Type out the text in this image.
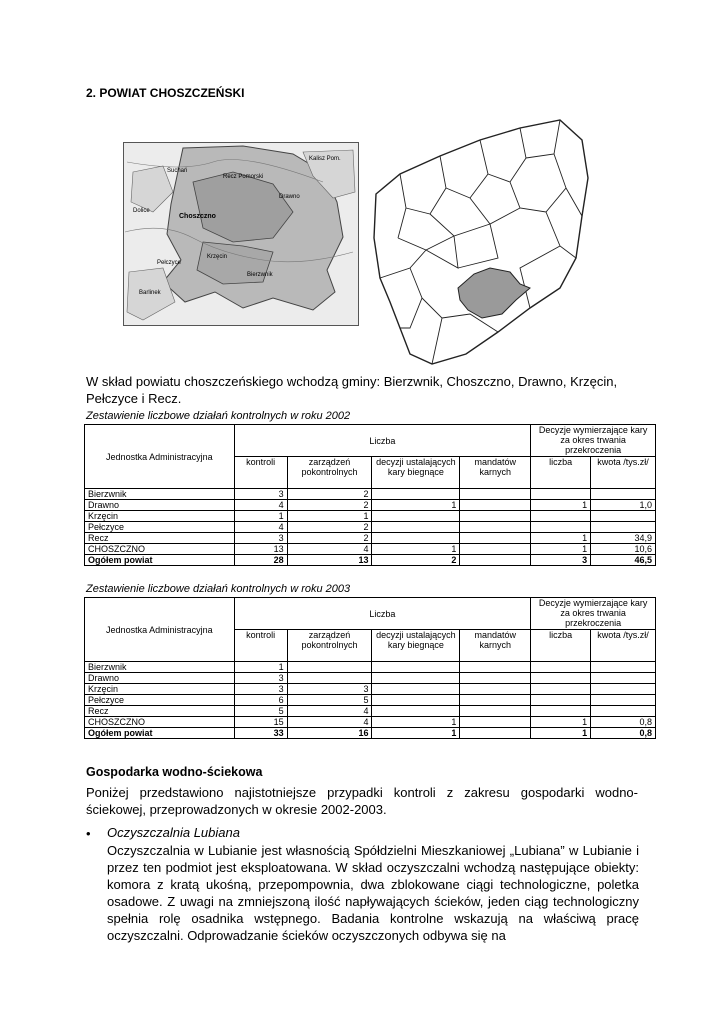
2. POWIAT CHOSZCZEŃSKI
Suchań
Kalisz Pom.
Recz Pomorski
Drawno
Dolice
Choszczno
Krzęcin
Pełczyce
Bierzwnik
Barlinek

W skład powiatu choszczeńskiego wchodzą gminy: Bierzwnik, Choszczno, Drawno, Krzęcin, Pełczyce i Recz.

Zestawienie liczbowe działań kontrolnych w roku 2002

Jednostka Administracyjna	Liczba				Decyzje wymierzające kary za okres trwania przekroczenia	
	kontroli	zarządzeń pokontrolnych	decyzji ustalających kary biegnące	mandatów karnych	liczba	kwota /tys.zł/
Bierzwnik	3	2				
Drawno	4	2	1		1	1,0
Krzęcin	1	1				
Pełczyce	4	2				
Recz	3	2			1	34,9
CHOSZCZNO	13	4	1		1	10,6
Ogółem powiat	28	13	2		3	46,5

Zestawienie liczbowe działań kontrolnych w roku 2003

Jednostka Administracyjna	Liczba				Decyzje wymierzające kary za okres trwania przekroczenia	
	kontroli	zarządzeń pokontrolnych	decyzji ustalających kary biegnące	mandatów karnych	liczba	kwota /tys.zł/
Bierzwnik	1					
Drawno	3					
Krzęcin	3	3				
Pełczyce	6	5				
Recz	5	4				
CHOSZCZNO	15	4	1		1	0,8
Ogółem powiat	33	16	1		1	0,8
Gospodarka wodno-ściekowa

Poniżej przedstawiono najistotniejsze przypadki kontroli z zakresu gospodarki wodno-ściekowej, przeprowadzonych w okresie 2002-2003.

• Oczyszczalnia Lubiana

Oczyszczalnia w Lubianie jest własnością Spółdzielni Mieszkaniowej „Lubiana” w Lubianie i przez ten podmiot jest eksploatowana. W skład oczyszczalni wchodzą następujące obiekty: komora z kratą ukośną, przepompownia, dwa zblokowane ciągi technologiczne, poletka osadowe. Z uwagi na zmniejszoną ilość napływających ścieków, jeden ciąg technologiczny spełnia rolę osadnika wstępnego. Badania kontrolne wskazują na właściwą pracę oczyszczalni. Odprowadzanie ścieków oczyszczonych odbywa się na
